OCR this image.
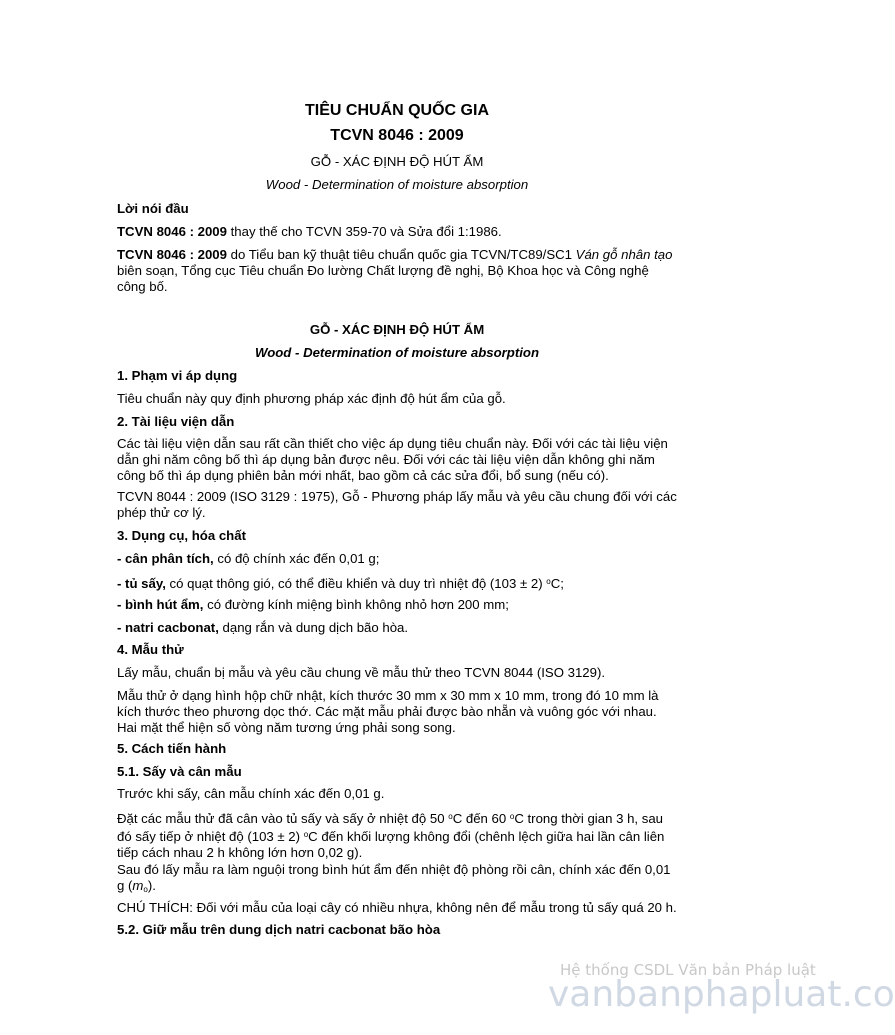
TIÊU CHUẨN QUỐC GIA
TCVN 8046 : 2009
GỖ - XÁC ĐỊNH ĐỘ HÚT ẨM
Wood - Determination of moisture absorption

Lời nói đầu

TCVN 8046 : 2009 thay thế cho TCVN 359-70 và Sửa đổi 1:1986.

TCVN 8046 : 2009 do Tiểu ban kỹ thuật tiêu chuẩn quốc gia TCVN/TC89/SC1 Ván gỗ nhân tạo biên soạn, Tổng cục Tiêu chuẩn Đo lường Chất lượng đề nghị, Bộ Khoa học và Công nghệ công bố.

GỖ - XÁC ĐỊNH ĐỘ HÚT ẨM

Wood - Determination of moisture absorption

1. Phạm vi áp dụng

Tiêu chuẩn này quy định phương pháp xác định độ hút ẩm của gỗ.

2. Tài liệu viện dẫn

Các tài liệu viện dẫn sau rất cần thiết cho việc áp dụng tiêu chuẩn này. Đối với các tài liệu viện dẫn ghi năm công bố thì áp dụng bản được nêu. Đối với các tài liệu viện dẫn không ghi năm công bố thì áp dụng phiên bản mới nhất, bao gồm cả các sửa đổi, bổ sung (nếu có).

TCVN 8044 : 2009 (ISO 3129 : 1975), Gỗ - Phương pháp lấy mẫu và yêu cầu chung đối với các phép thử cơ lý.

3. Dụng cụ, hóa chất

- cân phân tích, có độ chính xác đến 0,01 g;

- tủ sấy, có quạt thông gió, có thể điều khiển và duy trì nhiệt độ (103 ± 2) $^o$C;

- bình hút ẩm, có đường kính miệng bình không nhỏ hơn 200 mm;

- natri cacbonat, dạng rắn và dung dịch bão hòa.

4. Mẫu thử

Lấy mẫu, chuẩn bị mẫu và yêu cầu chung về mẫu thử theo TCVN 8044 (ISO 3129).

Mẫu thử ở dạng hình hộp chữ nhật, kích thước 30 mm x 30 mm x 10 mm, trong đó 10 mm là kích thước theo phương dọc thớ. Các mặt mẫu phải được bào nhẵn và vuông góc với nhau. Hai mặt thể hiện số vòng năm tương ứng phải song song.

5. Cách tiến hành

5.1. Sấy và cân mẫu

Trước khi sấy, cân mẫu chính xác đến 0,01 g.

Đặt các mẫu thử đã cân vào tủ sấy và sấy ở nhiệt độ 50 $^o$C đến 60 $^o$C trong thời gian 3 h, sau đó sấy tiếp ở nhiệt độ (103 ± 2) $^o$C đến khối lượng không đổi (chênh lệch giữa hai lần cân liên tiếp cách nhau 2 h không lớn hơn 0,02 g).

Sau đó lấy mẫu ra làm nguội trong bình hút ẩm đến nhiệt độ phòng rồi cân, chính xác đến 0,01 g $(m_o)$.

CHÚ THÍCH: Đối với mẫu của loại cây có nhiều nhựa, không nên để mẫu trong tủ sấy quá 20 h.

5.2. Giữ mẫu trên dung dịch natri cacbonat bão hòa

Hệ thống CSDL Văn bản Pháp luật
vanbanphapluat.co
